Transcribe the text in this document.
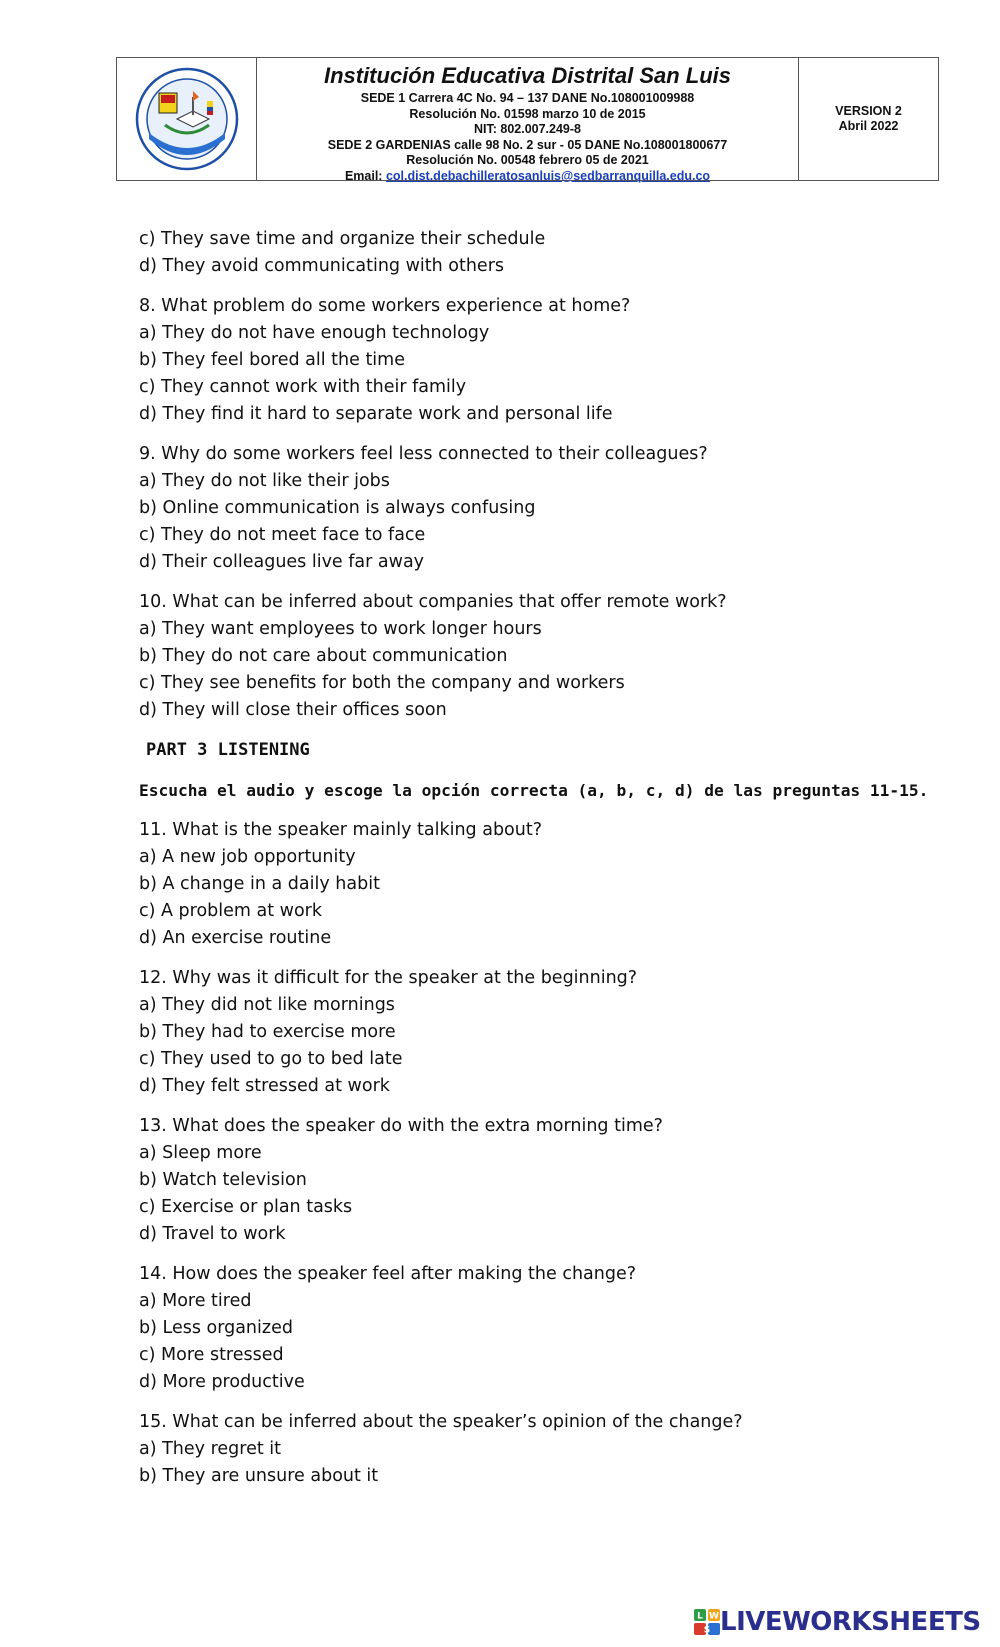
Institución Educativa Distrital San Luis
SEDE 1 Carrera 4C No. 94 – 137 DANE No.108001009988
Resolución No. 01598 marzo 10 de 2015
NIT: 802.007.249-8
SEDE 2 GARDENIAS calle 98 No. 2 sur - 05 DANE No.108001800677
Resolución No. 00548 febrero 05 de 2021
Email: col.dist.debachilleratosanluis@sedbarranquilla.edu.co
VERSION 2
Abril 2022
c) They save time and organize their schedule
d) They avoid communicating with others
8. What problem do some workers experience at home?
a) They do not have enough technology
b) They feel bored all the time
c) They cannot work with their family
d) They find it hard to separate work and personal life
9. Why do some workers feel less connected to their colleagues?
a) They do not like their jobs
b) Online communication is always confusing
c) They do not meet face to face
d) Their colleagues live far away
10. What can be inferred about companies that offer remote work?
a) They want employees to work longer hours
b) They do not care about communication
c) They see benefits for both the company and workers
d) They will close their offices soon
PART 3 LISTENING
Escucha el audio y escoge la opción correcta (a, b, c, d) de las preguntas 11-15.
11. What is the speaker mainly talking about?
a) A new job opportunity
b) A change in a daily habit
c) A problem at work
d) An exercise routine
12. Why was it difficult for the speaker at the beginning?
a) They did not like mornings
b) They had to exercise more
c) They used to go to bed late
d) They felt stressed at work
13. What does the speaker do with the extra morning time?
a) Sleep more
b) Watch television
c) Exercise or plan tasks
d) Travel to work
14. How does the speaker feel after making the change?
a) More tired
b) Less organized
c) More stressed
d) More productive
15. What can be inferred about the speaker’s opinion of the change?
a) They regret it
b) They are unsure about it
L W
S LIVEWORKSHEETS
